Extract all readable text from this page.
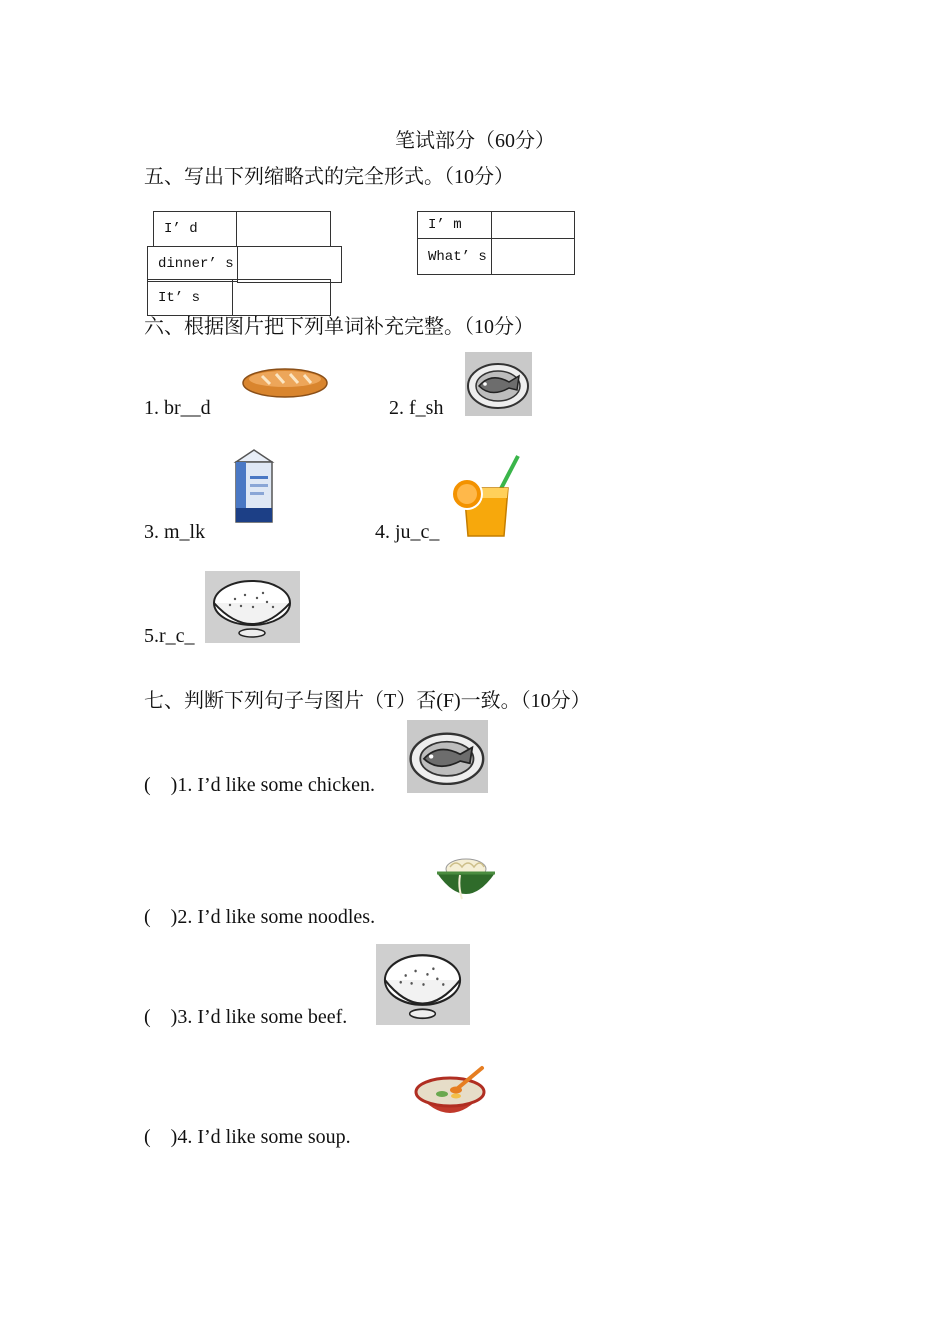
笔试部分（60分）
五、写出下列缩略式的完全形式。（10分）
I’ d
dinner’ s
It’ s
I’ m
What’ s
六、根据图片把下列单词补充完整。（10分）
1. br__d	2. f_sh
3. m_lk	4. ju_c_
5.r_c_
七、判断下列句子与图片（T）否(F)一致。（10分）
(    )1. I’d like some chicken.
(    )2. I’d like some noodles.
(    )3. I’d like some beef.
(    )4. I’d like some soup.
